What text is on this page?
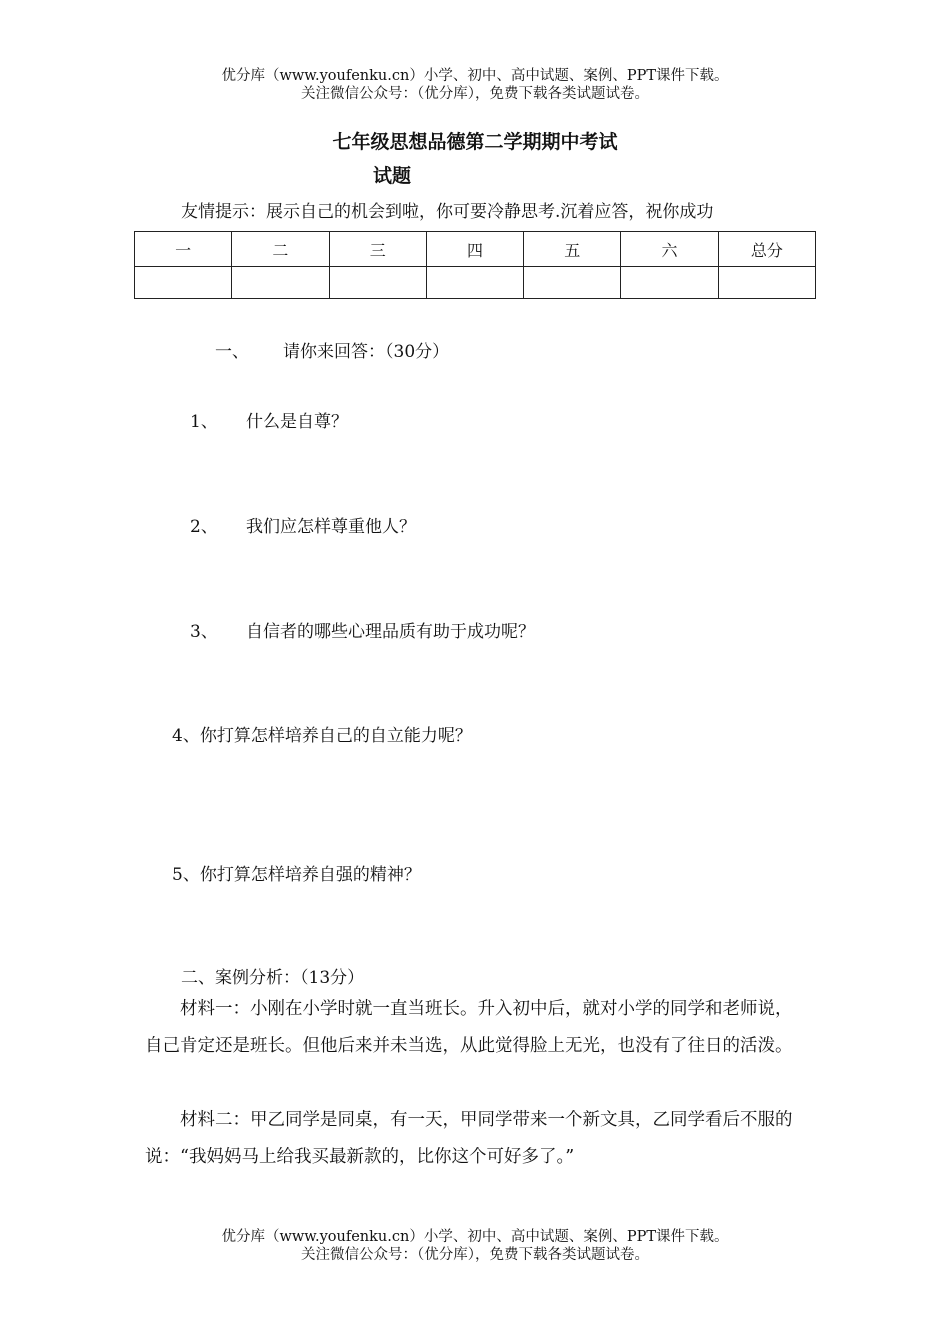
优分库（www.youfenku.cn）小学、初中、高中试题、案例、PPT课件下载。
关注微信公众号：（优分库），免费下载各类试题试卷。
七年级思想品德第二学期期中考试
试题
友情提示：展示自己的机会到啦，你可要冷静思考.沉着应答，祝你成功
一	二	三	四	五	六	总分

一、 请你来回答：（30分）
1、 什么是自尊？
2、 我们应怎样尊重他人？
3、 自信者的哪些心理品质有助于成功呢？
4、你打算怎样培养自己的自立能力呢？
5、你打算怎样培养自强的精神？
二、案例分析：（13分）
材料一：小刚在小学时就一直当班长。升入初中后，就对小学的同学和老师说，自己肯定还是班长。但他后来并未当选，从此觉得脸上无光，也没有了往日的活泼。
材料二：甲乙同学是同桌，有一天，甲同学带来一个新文具，乙同学看后不服的说：“我妈妈马上给我买最新款的，比你这个可好多了。”
优分库（www.youfenku.cn）小学、初中、高中试题、案例、PPT课件下载。
关注微信公众号：（优分库），免费下载各类试题试卷。
